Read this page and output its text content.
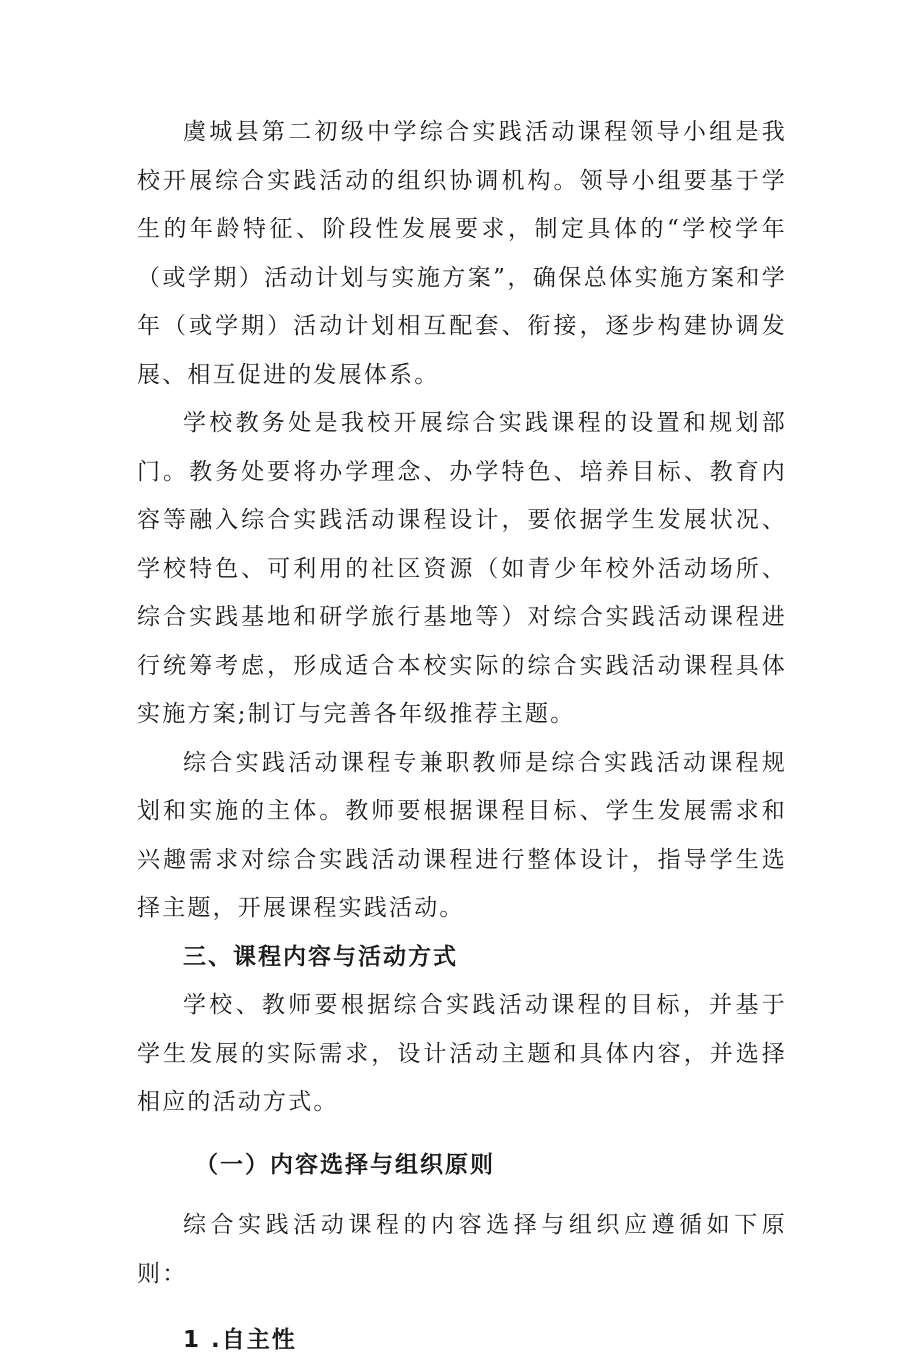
虞城县第二初级中学综合实践活动课程领导小组是我校开展综合实践活动的组织协调机构。领导小组要基于学生的年龄特征、阶段性发展要求，制定具体的“学校学年（或学期）活动计划与实施方案”，确保总体实施方案和学年（或学期）活动计划相互配套、衔接，逐步构建协调发展、相互促进的发展体系。

学校教务处是我校开展综合实践课程的设置和规划部门。教务处要将办学理念、办学特色、培养目标、教育内容等融入综合实践活动课程设计，要依据学生发展状况、学校特色、可利用的社区资源（如青少年校外活动场所、综合实践基地和研学旅行基地等）对综合实践活动课程进行统筹考虑，形成适合本校实际的综合实践活动课程具体实施方案;制订与完善各年级推荐主题。

综合实践活动课程专兼职教师是综合实践活动课程规划和实施的主体。教师要根据课程目标、学生发展需求和兴趣需求对综合实践活动课程进行整体设计，指导学生选择主题，开展课程实践活动。

三、课程内容与活动方式

学校、教师要根据综合实践活动课程的目标，并基于学生发展的实际需求，设计活动主题和具体内容，并选择相应的活动方式。

（一）内容选择与组织原则

综合实践活动课程的内容选择与组织应遵循如下原则：

1 .自主性
